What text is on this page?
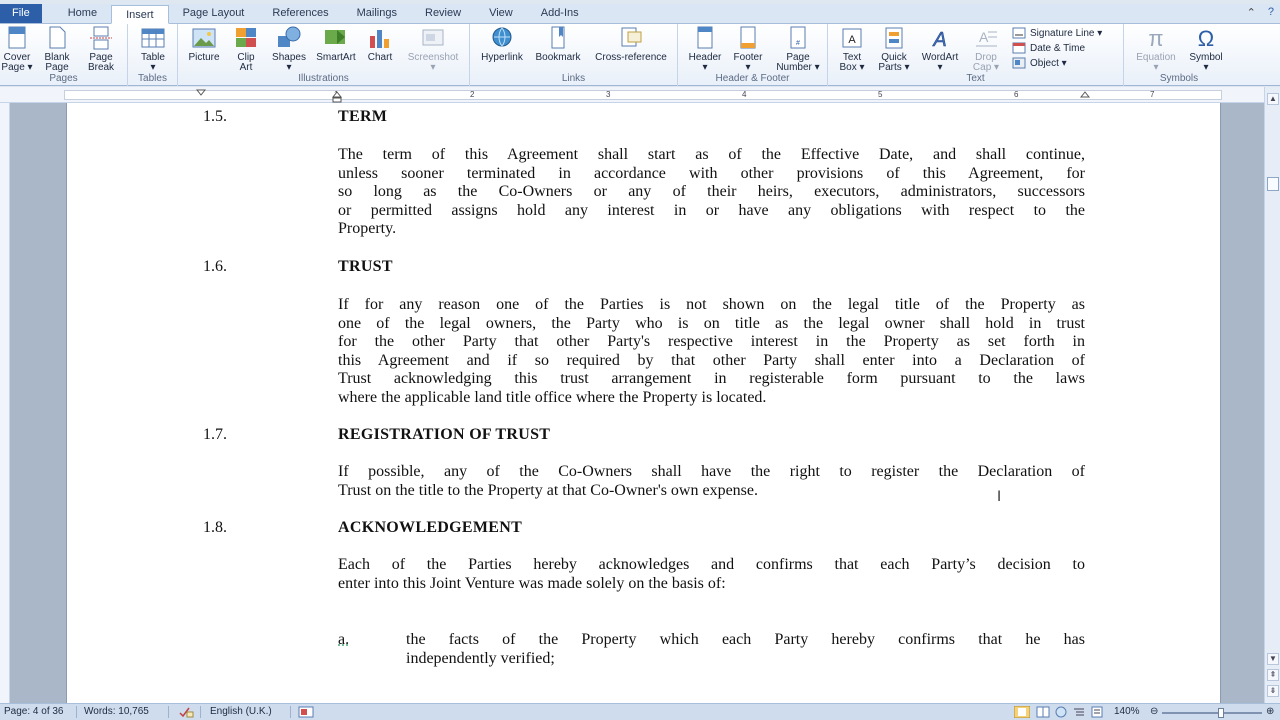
File	Home	Insert	Page Layout	References	Mailings	Review	View	Add-Ins	⌃ ?
Cover
Page ▾
Blank
Page
Page
Break
Pages
Table
▾
Tables
Picture	Clip
Art
Shapes
▾
SmartArt	Chart	Screenshot
▾
Illustrations
Hyperlink	Bookmark	Cross-reference
Links
Header
▾
Footer
▾
#
Page
Number ▾
Header & Footer
A
Text
Box ▾
Quick
Parts ▾
A
WordArt
▾
A
Drop
Cap ▾
Signature Line ▾
Date & Time
Object ▾
Text
π
Equation
▾
Ω
Symbol
▾
Symbols
2	3	4	5	6	7
1.5.	TERM
The term of this Agreement shall start as of the Effective Date, and shall continue,
unless sooner terminated in accordance with other provisions of this Agreement, for
so long as the Co-Owners or any of their heirs, executors, administrators, successors
or permitted assigns hold any interest in or have any obligations with respect to the
Property.
1.6.	TRUST
If for any reason one of the Parties is not shown on the legal title of the Property as
one of the legal owners, the Party who is on title as the legal owner shall hold in trust
for the other Party that other Party's respective interest in the Property as set forth in
this Agreement and if so required by that other Party shall enter into a Declaration of
Trust acknowledging this trust arrangement in registerable form pursuant to the laws
where the applicable land title office where the Property is located.
1.7.	REGISTRATION OF TRUST
If possible, any of the Co-Owners shall have the right to register the Declaration of
Trust on the title to the Property at that Co-Owner's own expense.	I
1.8.	ACKNOWLEDGEMENT
Each of the Parties hereby acknowledges and confirms that each Party’s decision to
enter into this Joint Venture was made solely on the basis of:
a.	the facts of the Property which each Party hereby confirms that he has
independently verified;
▲
▼
⇞
⇟
Page: 4 of 36 Words: 10,765	English (U.K.)	140% ⊖	⊕
